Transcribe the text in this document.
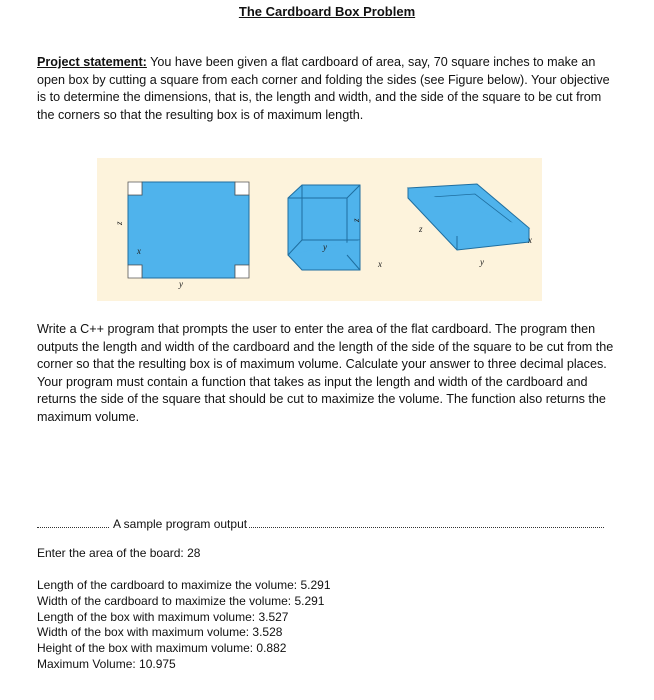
The Cardboard Box Problem

Project statement: You have been given a flat cardboard of area, say, 70 square inches to make an open box by cutting a square from each corner and folding the sides (see Figure below). Your objective is to determine the dimensions, that is, the length and width, and the side of the square to be cut from the corners so that the resulting box is of maximum length.

z
x
y
z
y
x
z
x
y

Write a C++ program that prompts the user to enter the area of the flat cardboard. The program then outputs the length and width of the cardboard and the length of the side of the square to be cut from the corner so that the resulting box is of maximum volume. Calculate your answer to three decimal places. Your program must contain a function that takes as input the length and width of the cardboard and returns the side of the square that should be cut to maximize the volume. The function also returns the maximum volume.

A sample program output

Enter the area of the board: 28

Length of the cardboard to maximize the volume: 5.291
Width of the cardboard to maximize the volume: 5.291
Length of the box with maximum volume: 3.527
Width of the box with maximum volume: 3.528
Height of the box with maximum volume: 0.882
Maximum Volume: 10.975
